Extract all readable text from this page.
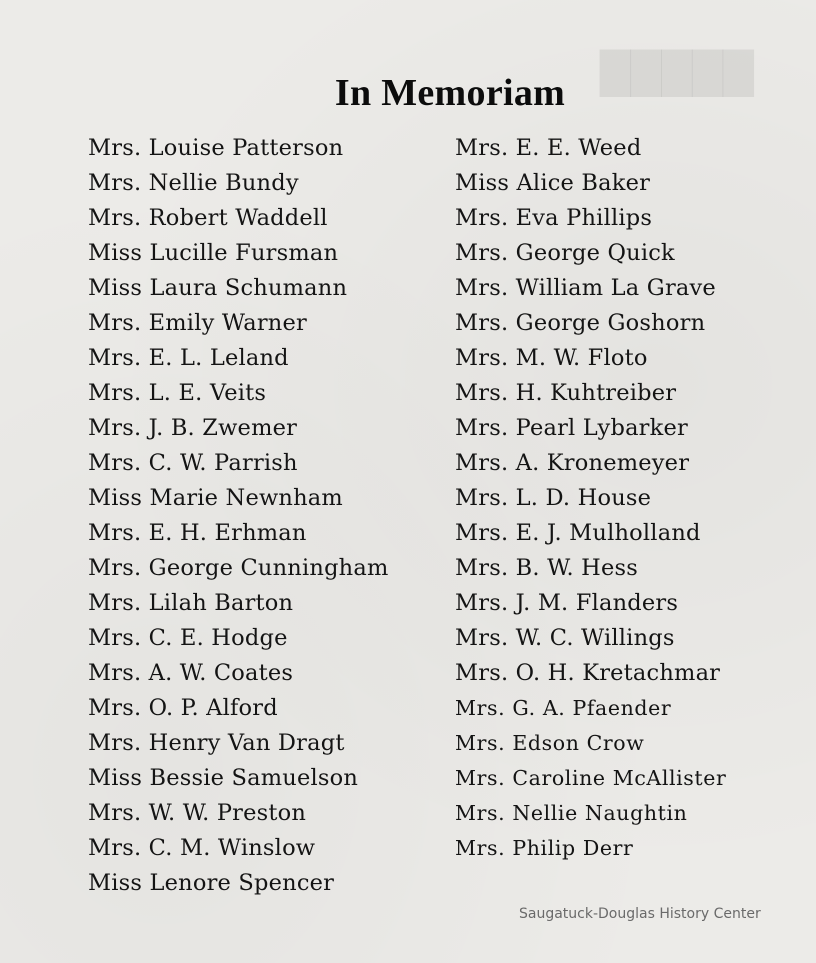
█████
In Memoriam
Mrs. Louise Patterson
Mrs. Nellie Bundy
Mrs. Robert Waddell
Miss Lucille Fursman
Miss Laura Schumann
Mrs. Emily Warner
Mrs. E. L. Leland
Mrs. L. E. Veits
Mrs. J. B. Zwemer
Mrs. C. W. Parrish
Miss Marie Newnham
Mrs. E. H. Erhman
Mrs. George Cunningham
Mrs. Lilah Barton
Mrs. C. E. Hodge
Mrs. A. W. Coates
Mrs. O. P. Alford
Mrs. Henry Van Dragt
Miss Bessie Samuelson
Mrs. W. W. Preston
Mrs. C. M. Winslow
Miss Lenore Spencer
Mrs. E. E. Weed
Miss Alice Baker
Mrs. Eva Phillips
Mrs. George Quick
Mrs. William La Grave
Mrs. George Goshorn
Mrs. M. W. Floto
Mrs. H. Kuhtreiber
Mrs. Pearl Lybarker
Mrs. A. Kronemeyer
Mrs. L. D. House
Mrs. E. J. Mulholland
Mrs. B. W. Hess
Mrs. J. M. Flanders
Mrs. W. C. Willings
Mrs. O. H. Kretachmar
Mrs. G. A. Pfaender
Mrs. Edson Crow
Mrs. Caroline McAllister
Mrs. Nellie Naughtin
Mrs. Philip Derr
Saugatuck-Douglas History Center
